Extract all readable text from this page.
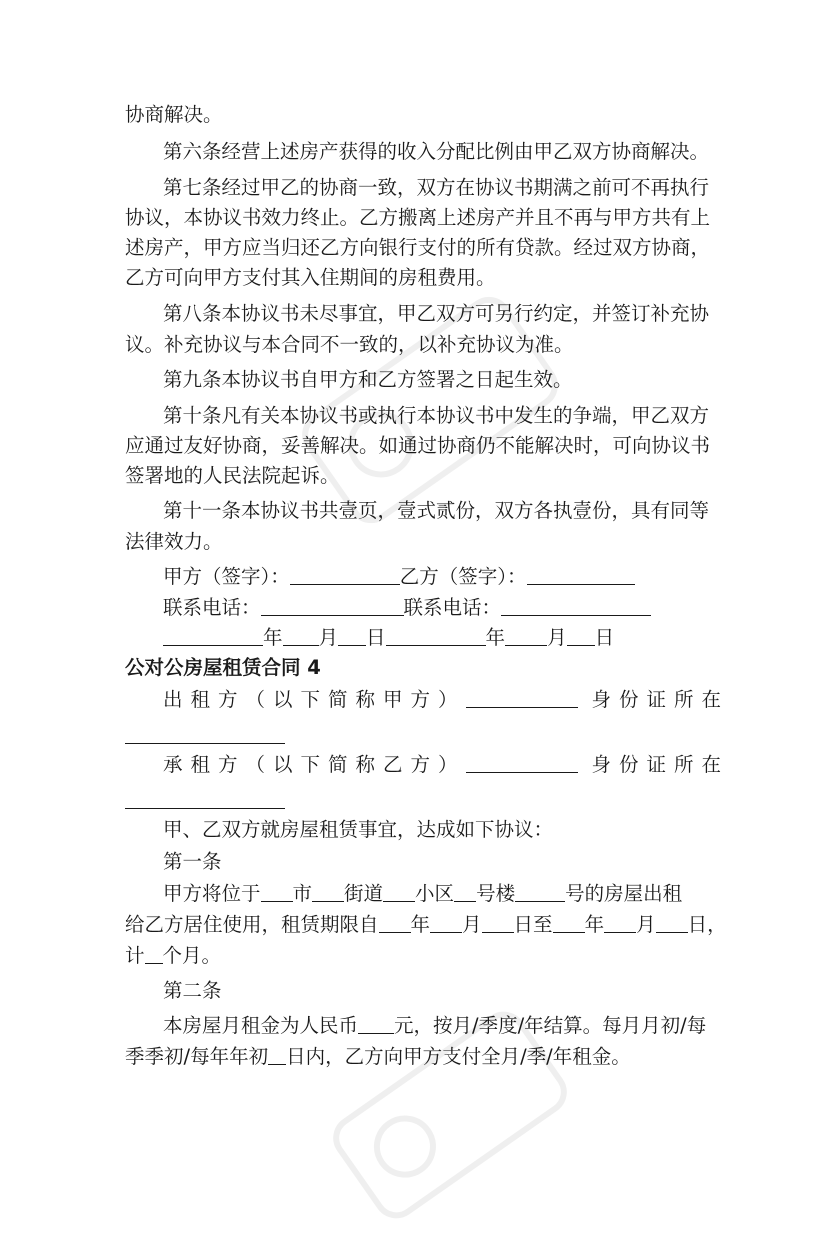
协商解决。
第六条经营上述房产获得的收入分配比例由甲乙双方协商解决。
第七条经过甲乙的协商一致，双方在协议书期满之前可不再执行
协议，本协议书效力终止。乙方搬离上述房产并且不再与甲方共有上
述房产，甲方应当归还乙方向银行支付的所有贷款。经过双方协商，
乙方可向甲方支付其入住期间的房租费用。
第八条本协议书未尽事宜，甲乙双方可另行约定，并签订补充协
议。补充协议与本合同不一致的，以补充协议为准。
第九条本协议书自甲方和乙方签署之日起生效。
第十条凡有关本协议书或执行本协议书中发生的争端，甲乙双方
应通过友好协商，妥善解决。如通过协商仍不能解决时，可向协议书
签署地的人民法院起诉。
第十一条本协议书共壹页，壹式贰份，双方各执壹份，具有同等
法律效力。
甲方（签字）：	乙方（签字）：
联系电话：	联系电话：
年 月 日	年 月 日
公对公房屋租赁合同 4
出租方（以下简称甲方）	身份证所在
承租方（以下简称乙方）	身份证所在
甲、乙双方就房屋租赁事宜，达成如下协议：
第一条
甲方将位于 市 街道 小区 号楼	号的房屋出租
给乙方居住使用，租赁期限自 年 月 日至 年 月 日，
计 个月。
第二条
本房屋月租金为人民币 元，按月/季度/年结算。每月月初/每
季季初/每年年初 日内，乙方向甲方支付全月/季/年租金。
